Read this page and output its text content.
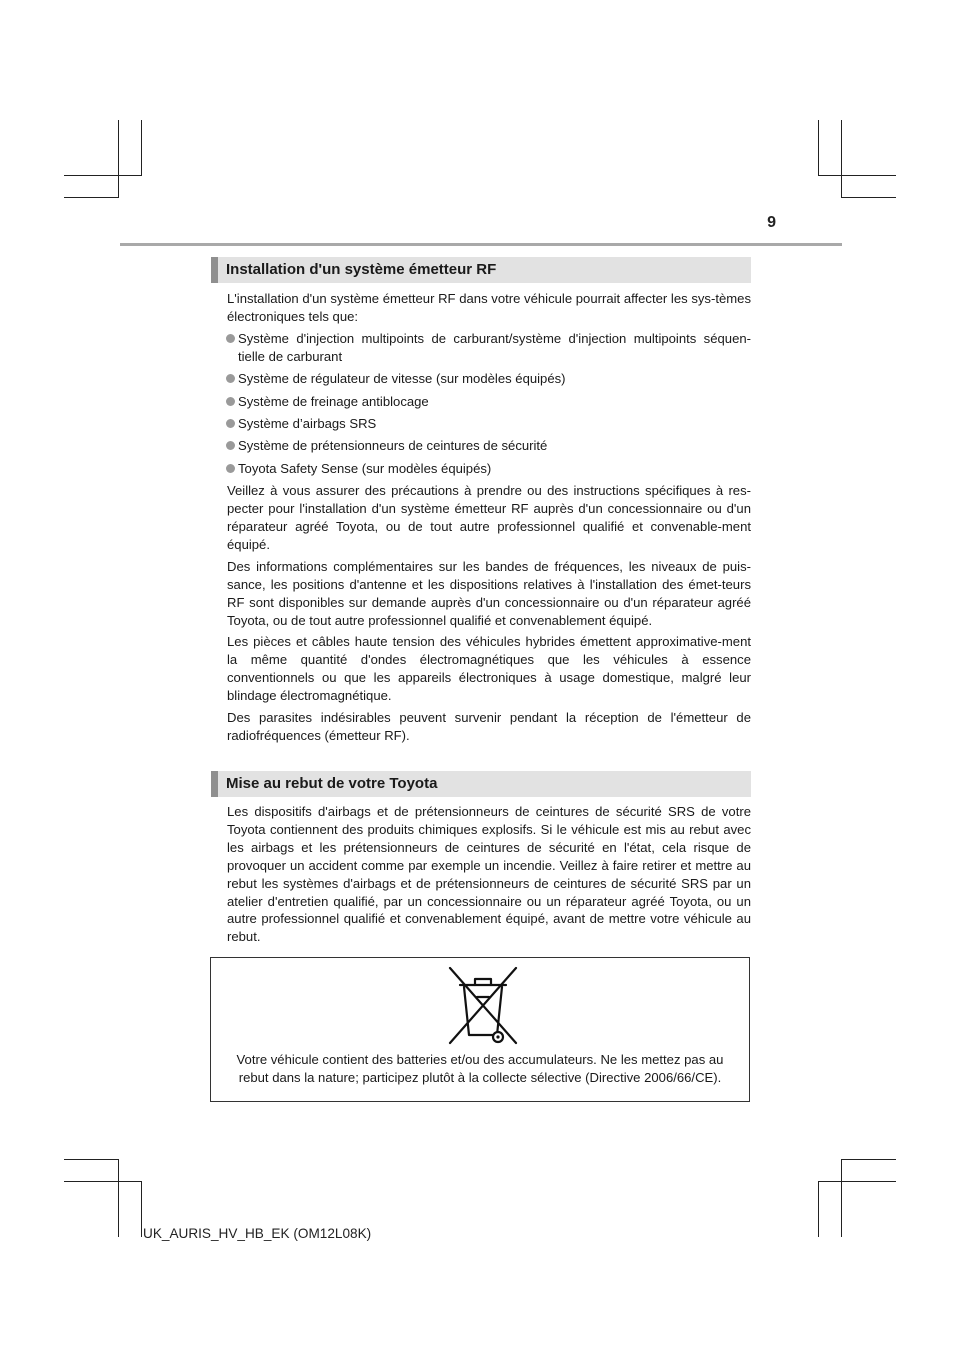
9
Installation d'un système émetteur RF

L'installation d'un système émetteur RF dans votre véhicule pourrait affecter les sys-tèmes électroniques tels que:

Système d'injection multipoints de carburant/système d'injection multipoints séquen-tielle de carburant
Système de régulateur de vitesse (sur modèles équipés)
Système de freinage antiblocage
Système d’airbags SRS
Système de prétensionneurs de ceintures de sécurité
Toyota Safety Sense (sur modèles équipés)

Veillez à vous assurer des précautions à prendre ou des instructions spécifiques à res-pecter pour l'installation d'un système émetteur RF auprès d'un concessionnaire ou d'un réparateur agréé Toyota, ou de tout autre professionnel qualifié et convenable-ment équipé.

Des informations complémentaires sur les bandes de fréquences, les niveaux de puis-sance, les positions d'antenne et les dispositions relatives à l'installation des émet-teurs RF sont disponibles sur demande auprès d'un concessionnaire ou d'un réparateur agréé Toyota, ou de tout autre professionnel qualifié et convenablement équipé.

Les pièces et câbles haute tension des véhicules hybrides émettent approximative-ment la même quantité d'ondes électromagnétiques que les véhicules à essence conventionnels ou que les appareils électroniques à usage domestique, malgré leur blindage électromagnétique.

Des parasites indésirables peuvent survenir pendant la réception de l'émetteur de radiofréquences (émetteur RF).

Mise au rebut de votre Toyota

Les dispositifs d'airbags et de prétensionneurs de ceintures de sécurité SRS de votre Toyota contiennent des produits chimiques explosifs. Si le véhicule est mis au rebut avec les airbags et les prétensionneurs de ceintures de sécurité en l'état, cela risque de provoquer un accident comme par exemple un incendie. Veillez à faire retirer et mettre au rebut les systèmes d'airbags et de prétensionneurs de ceintures de sécurité SRS par un atelier d'entretien qualifié, par un concessionnaire ou un réparateur agréé Toyota, ou un autre professionnel qualifié et convenablement équipé, avant de mettre votre véhicule au rebut.

Votre véhicule contient des batteries et/ou des accumulateurs. Ne les mettez pas au rebut dans la nature; participez plutôt à la collecte sélective (Directive 2006/66/CE).
UK_AURIS_HV_HB_EK (OM12L08K)
